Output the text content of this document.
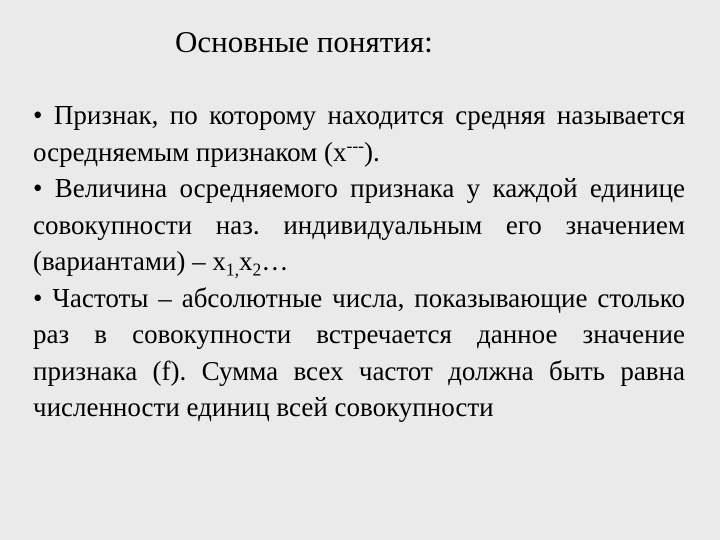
Основные понятия:

• Признак, по которому находится средняя называется осредняемым признаком (x---).

• Величина осредняемого признака у каждой единице совокупности наз. индивидуальным его значением (вариантами) – $x_{1,}x_2\dots$

• Частоты – абсолютные числа, показывающие столько раз в совокупности встречается данное значение признака (f). Сумма всех частот должна быть равна численности единиц всей совокупности
